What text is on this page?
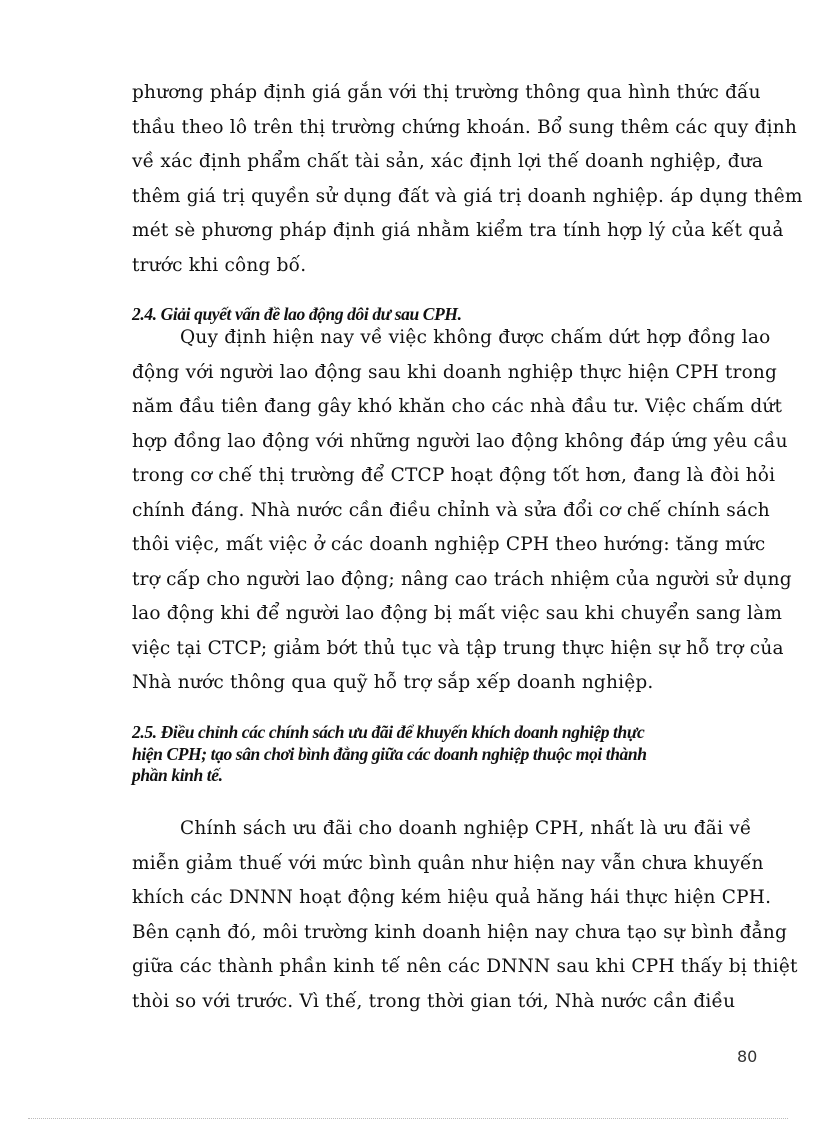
phương pháp định giá gắn với thị trường thông qua hình thức đấu
thầu theo lô trên thị trường chứng khoán. Bổ sung thêm các quy định
về xác định phẩm chất tài sản, xác định lợi thế doanh nghiệp, đưa
thêm giá trị quyền sử dụng đất và giá trị doanh nghiệp. áp dụng thêm
mét sè phương pháp định giá nhằm kiểm tra tính hợp lý của kết quả
trước khi công bố.
2.4. Giải quyết vấn đề lao động dôi dư sau CPH.
Quy định hiện nay về việc không được chấm dứt hợp đồng lao
động với người lao động sau khi doanh nghiệp thực hiện CPH trong
năm đầu tiên đang gây khó khăn cho các nhà đầu tư. Việc chấm dứt
hợp đồng lao động với những người lao động không đáp ứng yêu cầu
trong cơ chế thị trường để CTCP hoạt động tốt hơn, đang là đòi hỏi
chính đáng. Nhà nước cần điều chỉnh và sửa đổi cơ chế chính sách
thôi việc, mất việc ở các doanh nghiệp CPH theo hướng: tăng mức
trợ cấp cho người lao động; nâng cao trách nhiệm của người sử dụng
lao động khi để người lao động bị mất việc sau khi chuyển sang làm
việc tại CTCP; giảm bớt thủ tục và tập trung thực hiện sự hỗ trợ của
Nhà nước thông qua quỹ hỗ trợ sắp xếp doanh nghiệp.
2.5. Điều chỉnh các chính sách ưu đãi để khuyến khích doanh nghiệp thực
hiện CPH; tạo sân chơi bình đẳng giữa các doanh nghiệp thuộc mọi thành
phần kinh tế.
Chính sách ưu đãi cho doanh nghiệp CPH, nhất là ưu đãi về
miễn giảm thuế với mức bình quân như hiện nay vẫn chưa khuyến
khích các DNNN hoạt động kém hiệu quả hăng hái thực hiện CPH.
Bên cạnh đó, môi trường kinh doanh hiện nay chưa tạo sự bình đẳng
giữa các thành phần kinh tế nên các DNNN sau khi CPH thấy bị thiệt
thòi so với trước. Vì thế, trong thời gian tới, Nhà nước cần điều
80
